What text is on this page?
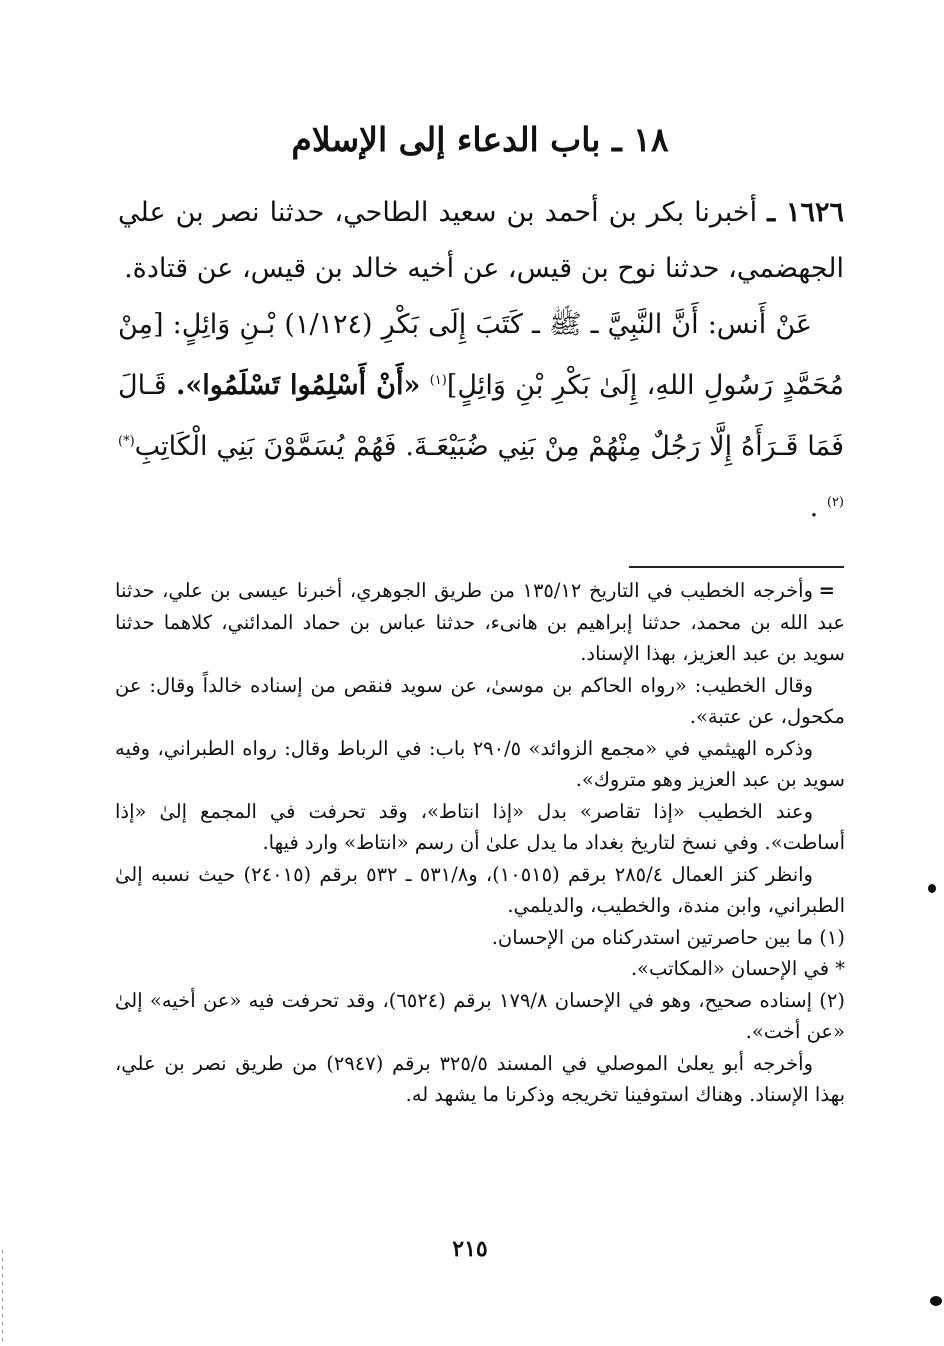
١٨ ـ باب الدعاء إلى الإسلام

١٦٢٦ ـ أخبرنا بكر بن أحمد بن سعيد الطاحي، حدثنا نصر بن علي الجهضمي، حدثنا نوح بن قيس، عن أخيه خالد بن قيس، عن قتادة.

عَنْ أَنس: أَنَّ النَّبِيَّ ـ ﷺ ـ كَتَبَ إِلَى بَكْرِ (١/١٢٤) بْـنِ وَائِلٍ: [مِنْ مُحَمَّدٍ رَسُولِ اللهِ، إِلَىٰ بَكْرِ بْنِ وَائِلٍ]$^{(١)}$ «أَنْ أَسْلِمُوا تَسْلَمُوا». قَـالَ فَمَا قَـرَأَهُ إِلَّا رَجُلٌ مِنْهُمْ مِنْ بَنِي ضُبَيْعَـةَ. فَهُمْ يُسَمَّوْنَ بَنِي الْكَاتِبِ$^{(*)(٢)}$ .

=
وأخرجه الخطيب في التاريخ ١٣٥/١٢ من طريق الجوهري، أخبرنا عيسى بن علي، حدثنا عبد الله بن محمد، حدثنا إبراهيم بن هانىء، حدثنا عباس بن حماد المدائني، كلاهما حدثنا سويد بن عبد العزيز، بهذا الإسناد.

وقال الخطيب: «رواه الحاكم بن موسىٰ، عن سويد فنقص من إسناده خالداً وقال: عن مكحول، عن عتبة».

وذكره الهيثمي في «مجمع الزوائد» ٢٩٠/٥ باب: في الرباط وقال: رواه الطبراني، وفيه سويد بن عبد العزيز وهو متروك».

وعند الخطيب «إذا تقاصر» بدل «إذا انتاط»، وقد تحرفت في المجمع إلىٰ «إذا أساطت». وفي نسخ لتاريخ بغداد ما يدل علىٰ أن رسم «انتاط» وارد فيها.

وانظر كنز العمال ٢٨٥/٤ برقم (١٠٥١٥)، و٥٣١/٨ ـ ٥٣٢ برقم (٢٤٠١٥) حيث نسبه إلىٰ الطبراني، وابن مندة، والخطيب، والديلمي.

(١) ما بين حاصرتين استدركناه من الإحسان.

* في الإحسان «المكاتب».

(٢) إسناده صحيح، وهو في الإحسان ١٧٩/٨ برقم (٦٥٢٤)، وقد تحرفت فيه «عن أخيه» إلىٰ «عن أخت».

وأخرجه أبو يعلىٰ الموصلي في المسند ٣٢٥/٥ برقم (٢٩٤٧) من طريق نصر بن علي، بهذا الإسناد. وهناك استوفينا تخريجه وذكرنا ما يشهد له.

٢١٥
